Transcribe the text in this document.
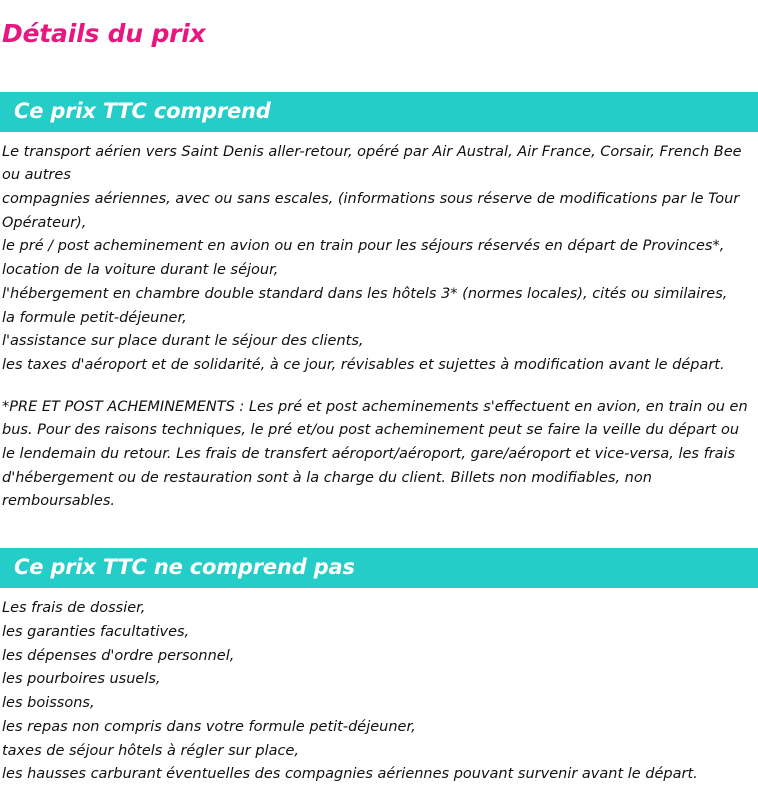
Détails du prix
Ce prix TTC comprend
Le transport aérien vers Saint Denis aller-retour, opéré par Air Austral, Air France, Corsair, French Bee ou autres
compagnies aériennes, avec ou sans escales, (informations sous réserve de modifications par le Tour Opérateur),
le pré / post acheminement en avion ou en train pour les séjours réservés en départ de Provinces*,
location de la voiture durant le séjour,
l'hébergement en chambre double standard dans les hôtels 3* (normes locales), cités ou similaires,
la formule petit-déjeuner,
l'assistance sur place durant le séjour des clients,
les taxes d'aéroport et de solidarité, à ce jour, révisables et sujettes à modification avant le départ.

*PRE ET POST ACHEMINEMENTS : Les pré et post acheminements s'effectuent en avion, en train ou en bus. Pour des raisons techniques, le pré et/ou post acheminement peut se faire la veille du départ ou le lendemain du retour. Les frais de transfert aéroport/aéroport, gare/aéroport et vice-versa, les frais d'hébergement ou de restauration sont à la charge du client. Billets non modifiables, non remboursables.

Ce prix TTC ne comprend pas
Les frais de dossier,
les garanties facultatives,
les dépenses d'ordre personnel,
les pourboires usuels,
les boissons,
les repas non compris dans votre formule petit-déjeuner,
taxes de séjour hôtels à régler sur place,
les hausses carburant éventuelles des compagnies aériennes pouvant survenir avant le départ.
